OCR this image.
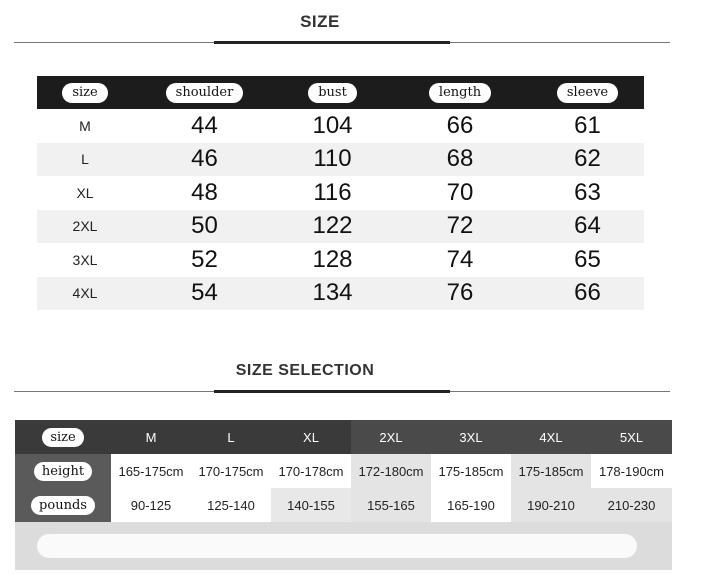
SIZE
size	shoulder	bust	length	sleeve
M	44	104	66	61
L	46	110	68	62
XL	48	116	70	63
2XL	50	122	72	64
3XL	52	128	74	65
4XL	54	134	76	66
SIZE SELECTION
size	M	L	XL	2XL	3XL	4XL	5XL
height	165-175cm	170-175cm	170-178cm	172-180cm	175-185cm	175-185cm	178-190cm
pounds	90-125	125-140	140-155	155-165	165-190	190-210	210-230
